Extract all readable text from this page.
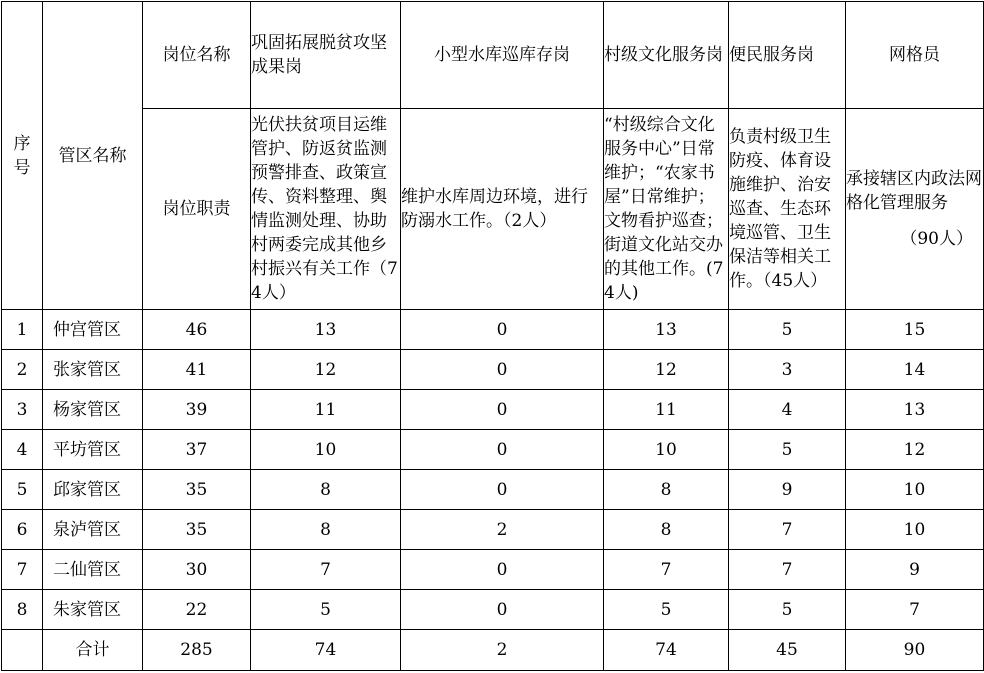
序号	管区名称	岗位名称	巩固拓展脱贫攻坚成果岗	小型水库巡库存岗	村级文化服务岗	便民服务岗	网格员
		岗位职责	光伏扶贫项目运维管护、防返贫监测预警排查、政策宣传、资料整理、舆情监测处理、协助村两委完成其他乡村振兴有关工作（74人）	维护水库周边环境，进行防溺水工作。（2人）	“村级综合文化服务中心”日常维护；“农家书屋”日常维护；文物看护巡查；街道文化站交办的其他工作。(74人)	负责村级卫生防疫、体育设施维护、治安巡查、生态环境巡管、卫生保洁等相关工作。（45人）	承接辖区内政法网格化管理服务
（90人）

1	仲宫管区	46	13	0	13	5	15
2	张家管区	41	12	0	12	3	14
3	杨家管区	39	11	0	11	4	13
4	平坊管区	37	10	0	10	5	12
5	邱家管区	35	8	0	8	9	10
6	泉泸管区	35	8	2	8	7	10
7	二仙管区	30	7	0	7	7	9
8	朱家管区	22	5	0	5	5	7
	合计	285	74	2	74	45	90
